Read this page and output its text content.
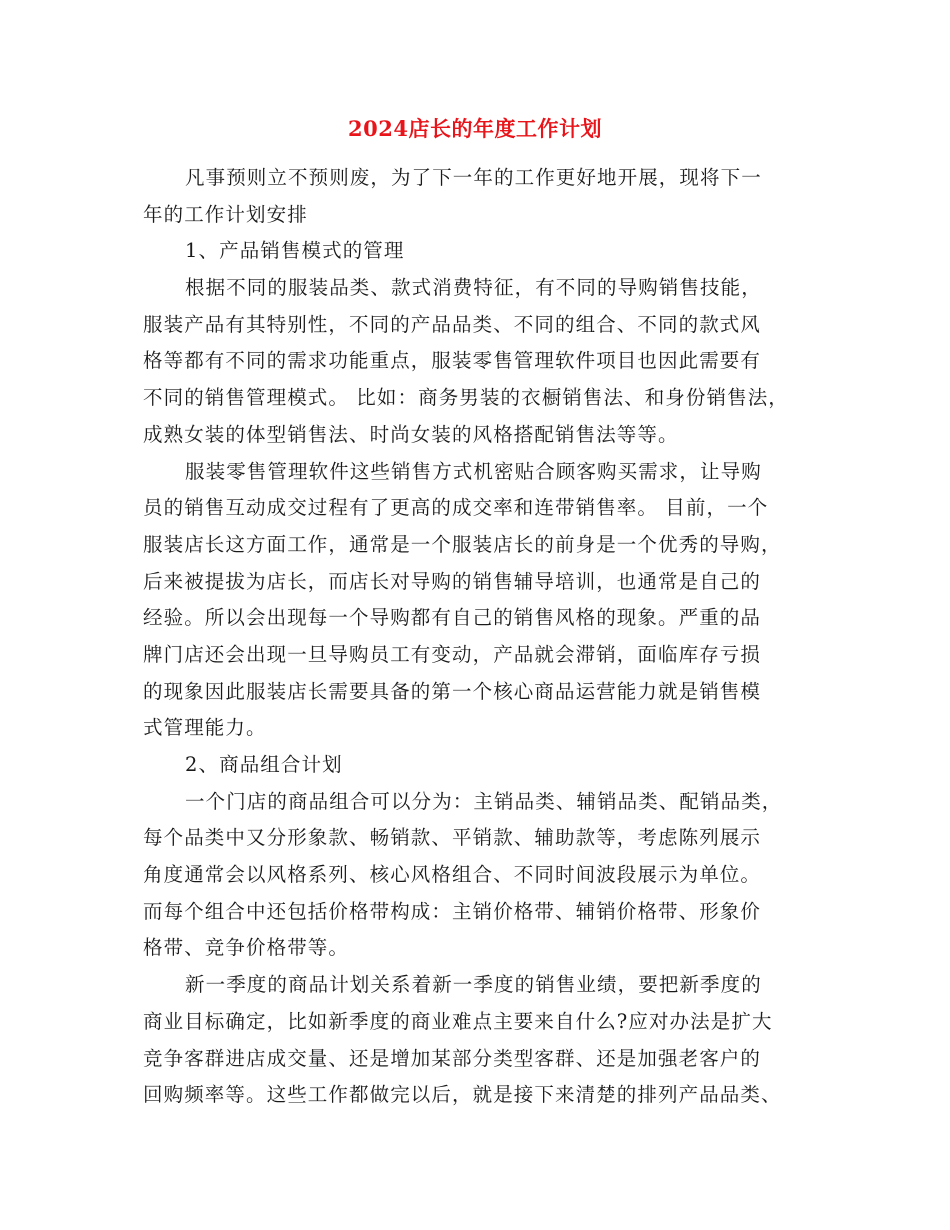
2024店长的年度工作计划
凡事预则立不预则废，为了下一年的工作更好地开展，现将下一
年的工作计划安排
1、产品销售模式的管理
根据不同的服装品类、款式消费特征，有不同的导购销售技能，
服装产品有其特别性，不同的产品品类、不同的组合、不同的款式风
格等都有不同的需求功能重点，服装零售管理软件项目也因此需要有
不同的销售管理模式。 比如：商务男装的衣橱销售法、和身份销售法，
成熟女装的体型销售法、时尚女装的风格搭配销售法等等。
服装零售管理软件这些销售方式机密贴合顾客购买需求，让导购
员的销售互动成交过程有了更高的成交率和连带销售率。 目前，一个
服装店长这方面工作，通常是一个服装店长的前身是一个优秀的导购，
后来被提拔为店长，而店长对导购的销售辅导培训，也通常是自己的
经验。所以会出现每一个导购都有自己的销售风格的现象。严重的品
牌门店还会出现一旦导购员工有变动，产品就会滞销，面临库存亏损
的现象因此服装店长需要具备的第一个核心商品运营能力就是销售模
式管理能力。
2、商品组合计划
一个门店的商品组合可以分为：主销品类、辅销品类、配销品类，
每个品类中又分形象款、畅销款、平销款、辅助款等，考虑陈列展示
角度通常会以风格系列、核心风格组合、不同时间波段展示为单位。
而每个组合中还包括价格带构成：主销价格带、辅销价格带、形象价
格带、竞争价格带等。
新一季度的商品计划关系着新一季度的销售业绩，要把新季度的
商业目标确定，比如新季度的商业难点主要来自什么?应对办法是扩大
竞争客群进店成交量、还是增加某部分类型客群、还是加强老客户的
回购频率等。这些工作都做完以后，就是接下来清楚的排列产品品类、
